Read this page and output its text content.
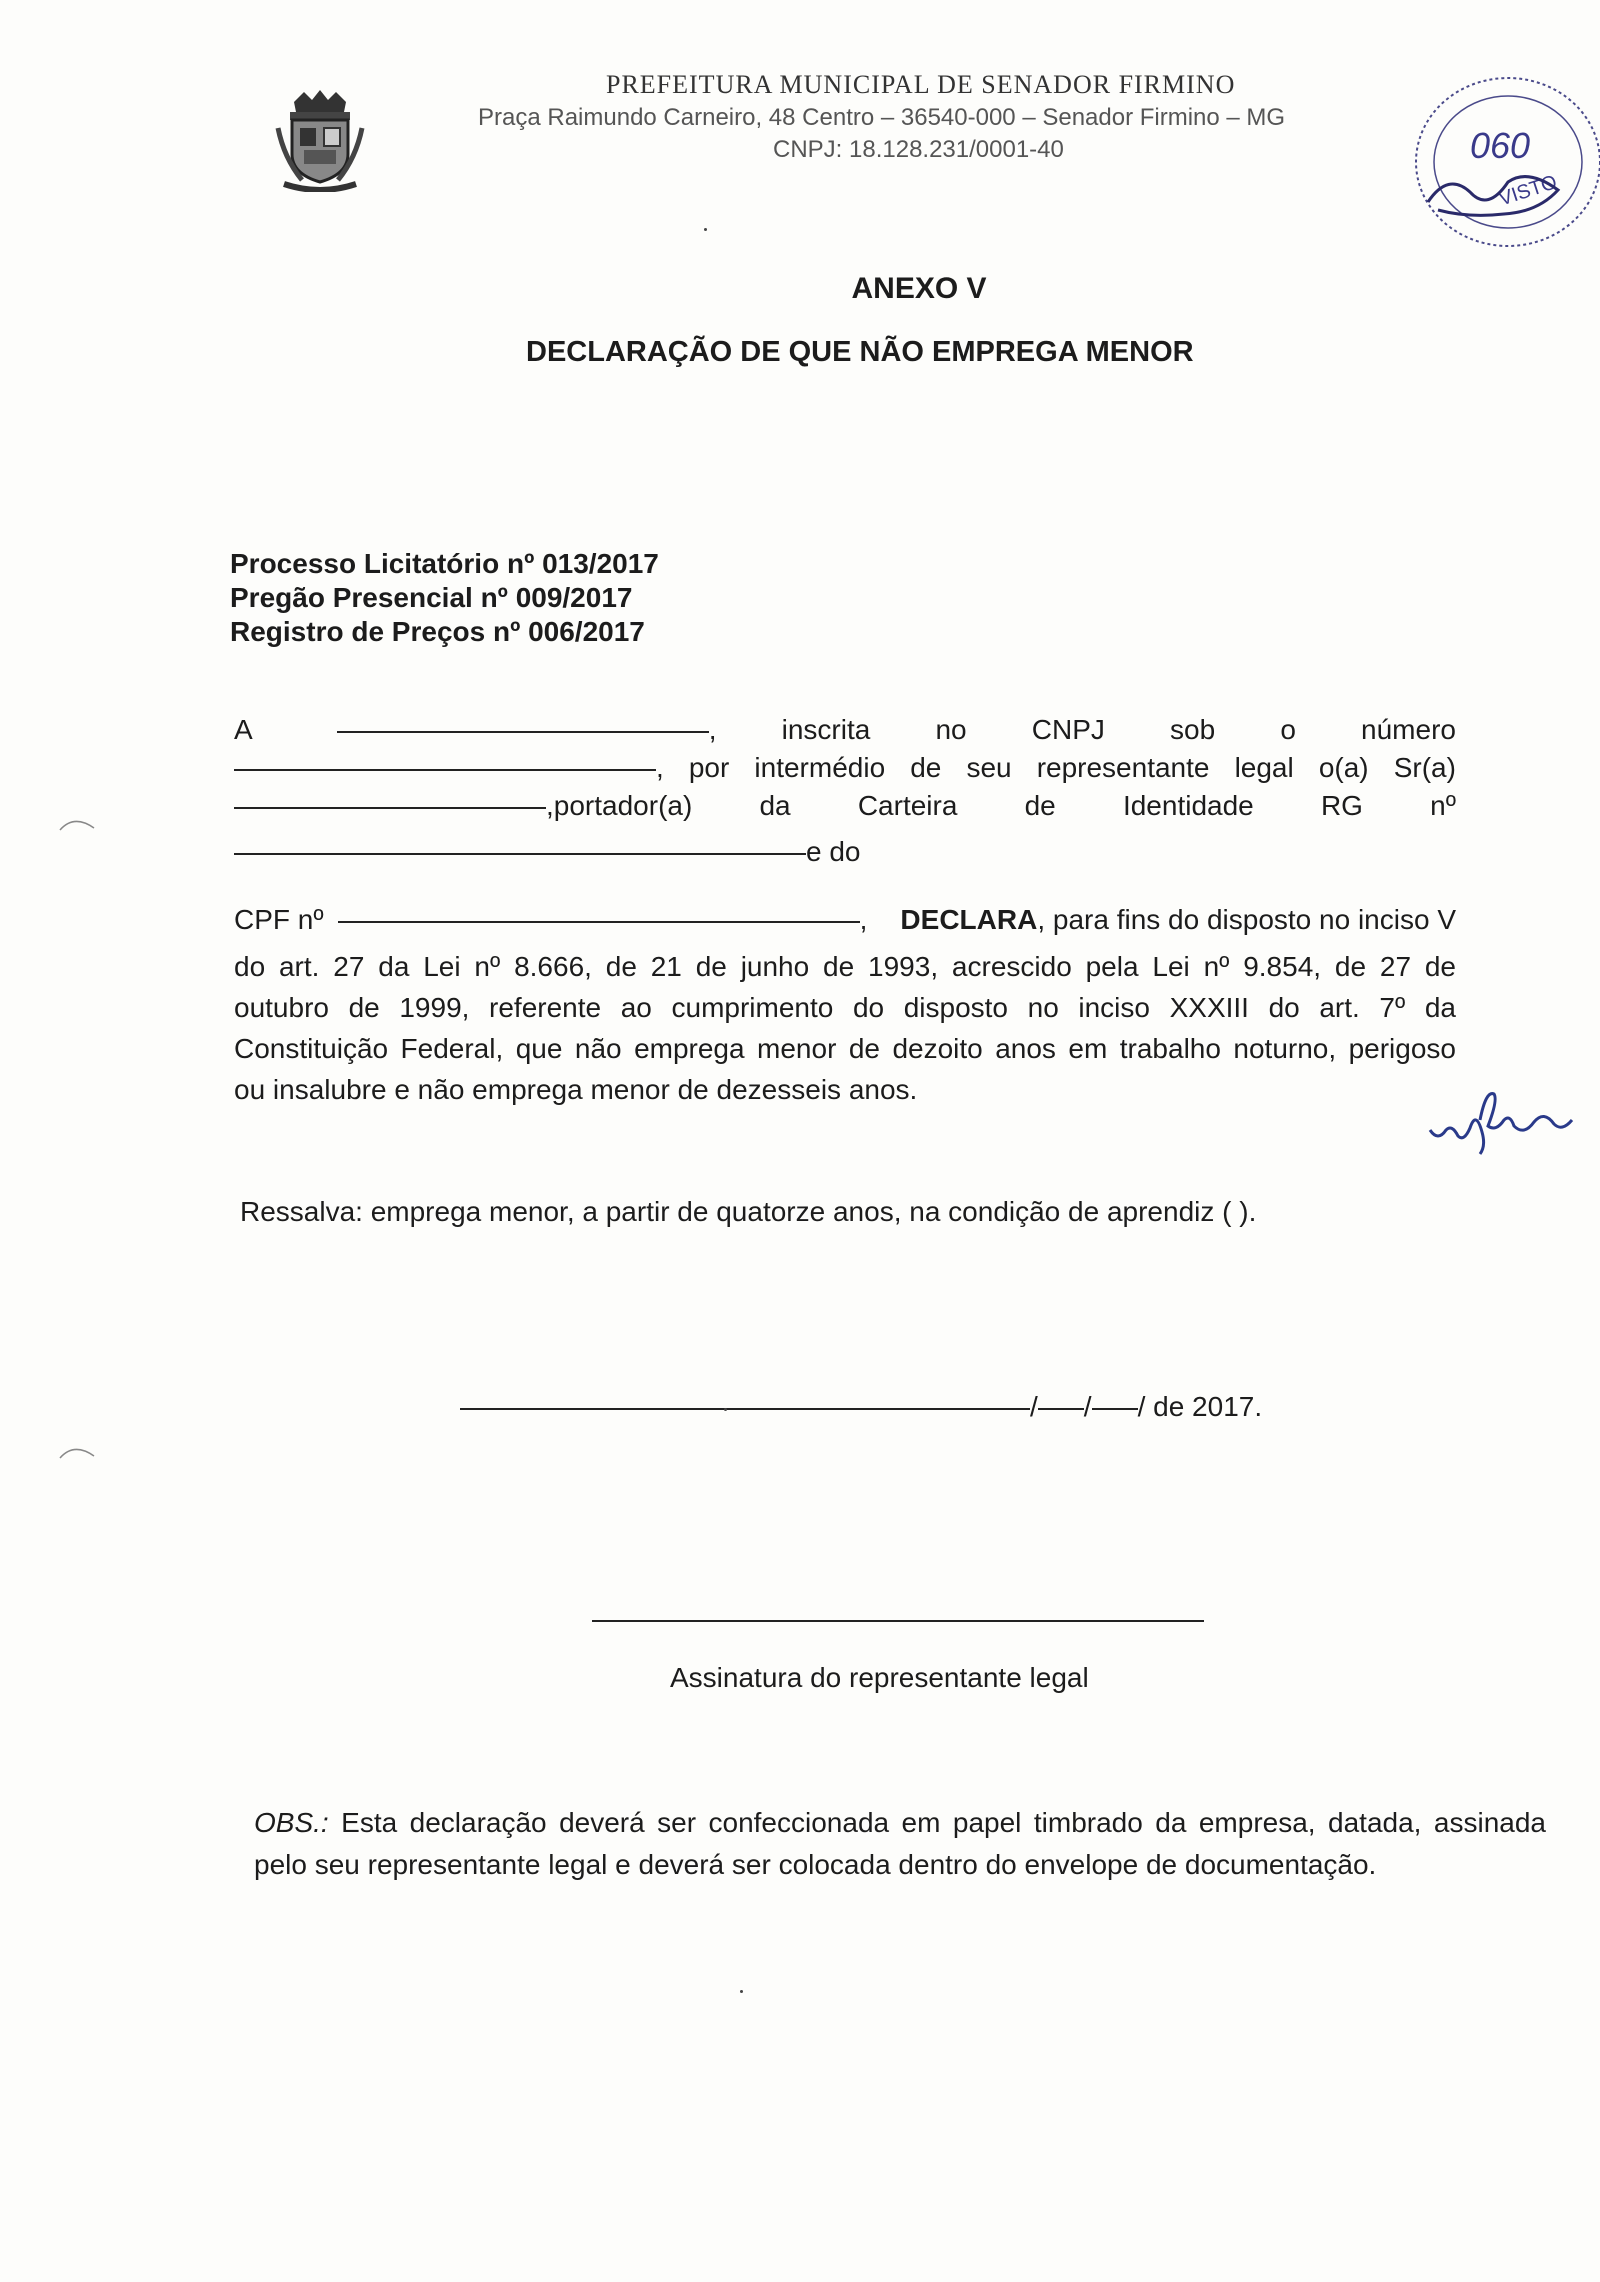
PREFEITURA MUNICIPAL DE SENADOR FIRMINO
Praça Raimundo Carneiro, 48 Centro – 36540-000 – Senador Firmino – MG
CNPJ: 18.128.231/0001-40	060
VISTO
ANEXO V
DECLARAÇÃO DE QUE NÃO EMPREGA MENOR
Processo Licitatório nº 013/2017
Pregão Presencial nº 009/2017
Registro de Preços nº 006/2017
A	, inscrita no CNPJ sob o número
, por intermédio de seu representante legal o(a) Sr(a)
,portador(a) da Carteira de Identidade RG nº
e do
CPF nº	, DECLARA, para fins do disposto no inciso V
do art. 27 da Lei nº 8.666, de 21 de junho de 1993, acrescido pela Lei nº 9.854, de 27 de
outubro de 1999, referente ao cumprimento do disposto no inciso XXXIII do art. 7º da
Constituição Federal, que não emprega menor de dezoito anos em trabalho noturno, perigoso
ou insalubre e não emprega menor de dezesseis anos.
Ressalva: emprega menor, a partir de quatorze anos, na condição de aprendiz ( ).
/ / / de 2017.
Assinatura do representante legal
OBS.: Esta declaração deverá ser confeccionada em papel timbrado da empresa, datada, assinada pelo seu representante legal e deverá ser colocada dentro do envelope de documentação.
